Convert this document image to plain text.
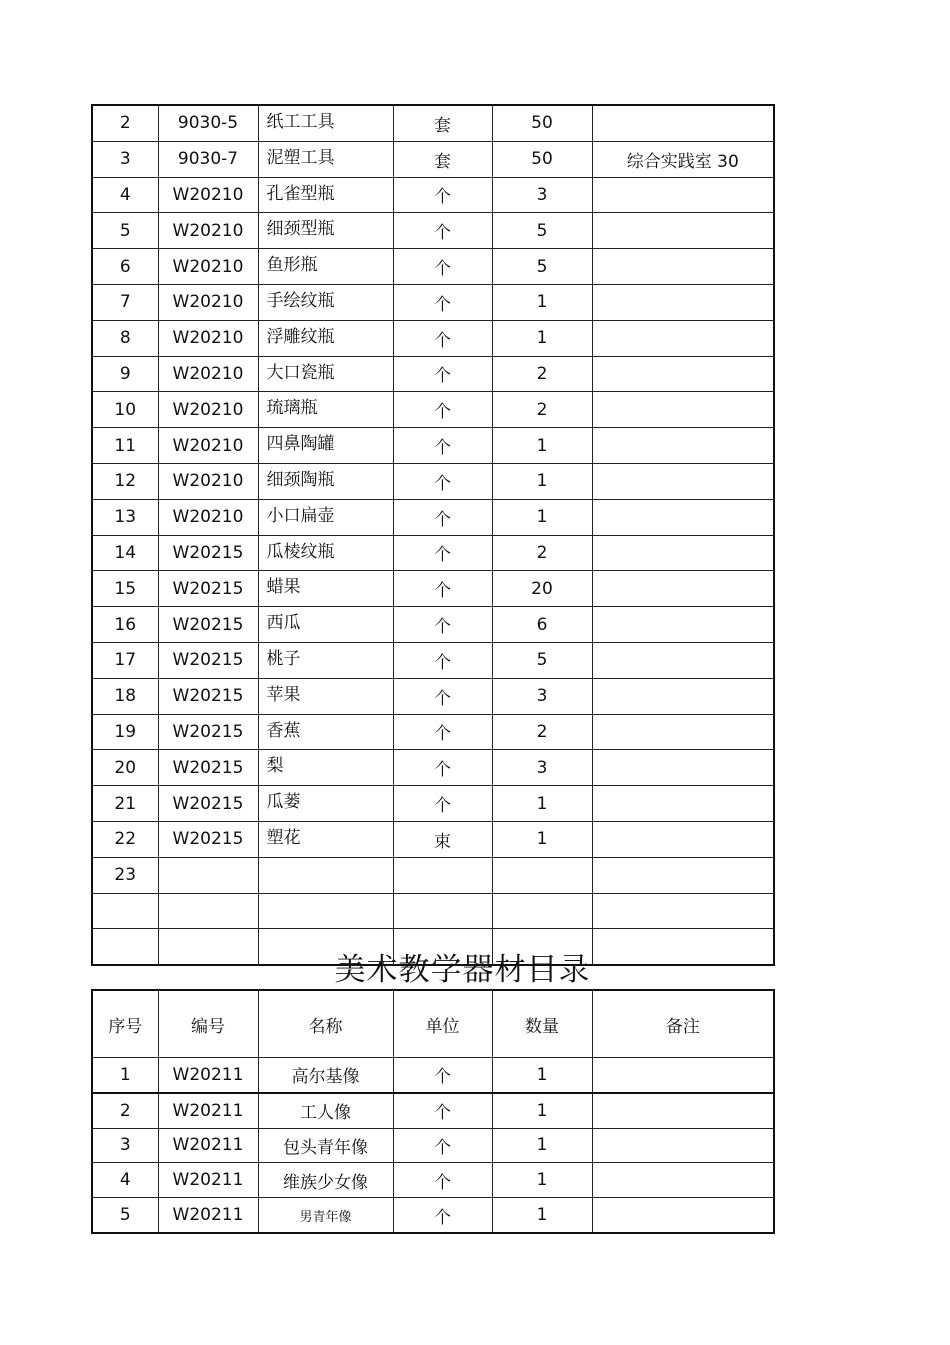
2	9030-5	纸工工具	套	50	
3	9030-7	泥塑工具	套	50	综合实践室 30
4	W20210	孔雀型瓶	个	3	
5	W20210	细颈型瓶	个	5	
6	W20210	鱼形瓶	个	5	
7	W20210	手绘纹瓶	个	1	
8	W20210	浮雕纹瓶	个	1	
9	W20210	大口瓷瓶	个	2	
10	W20210	琉璃瓶	个	2	
11	W20210	四鼻陶罐	个	1	
12	W20210	细颈陶瓶	个	1	
13	W20210	小口扁壶	个	1	
14	W20215	瓜棱纹瓶	个	2	
15	W20215	蜡果	个	20	
16	W20215	西瓜	个	6	
17	W20215	桃子	个	5	
18	W20215	苹果	个	3	
19	W20215	香蕉	个	2	
20	W20215	梨	个	3	
21	W20215	瓜蒌	个	1	
22	W20215	塑花	束	1	
23					

美术教学器材目录
序号	编号	名称	单位	数量	备注
1	W20211	高尔基像	个	1	
2	W20211	工人像	个	1	
3	W20211	包头青年像	个	1	
4	W20211	维族少女像	个	1	
5	W20211	男青年像	个	1	
